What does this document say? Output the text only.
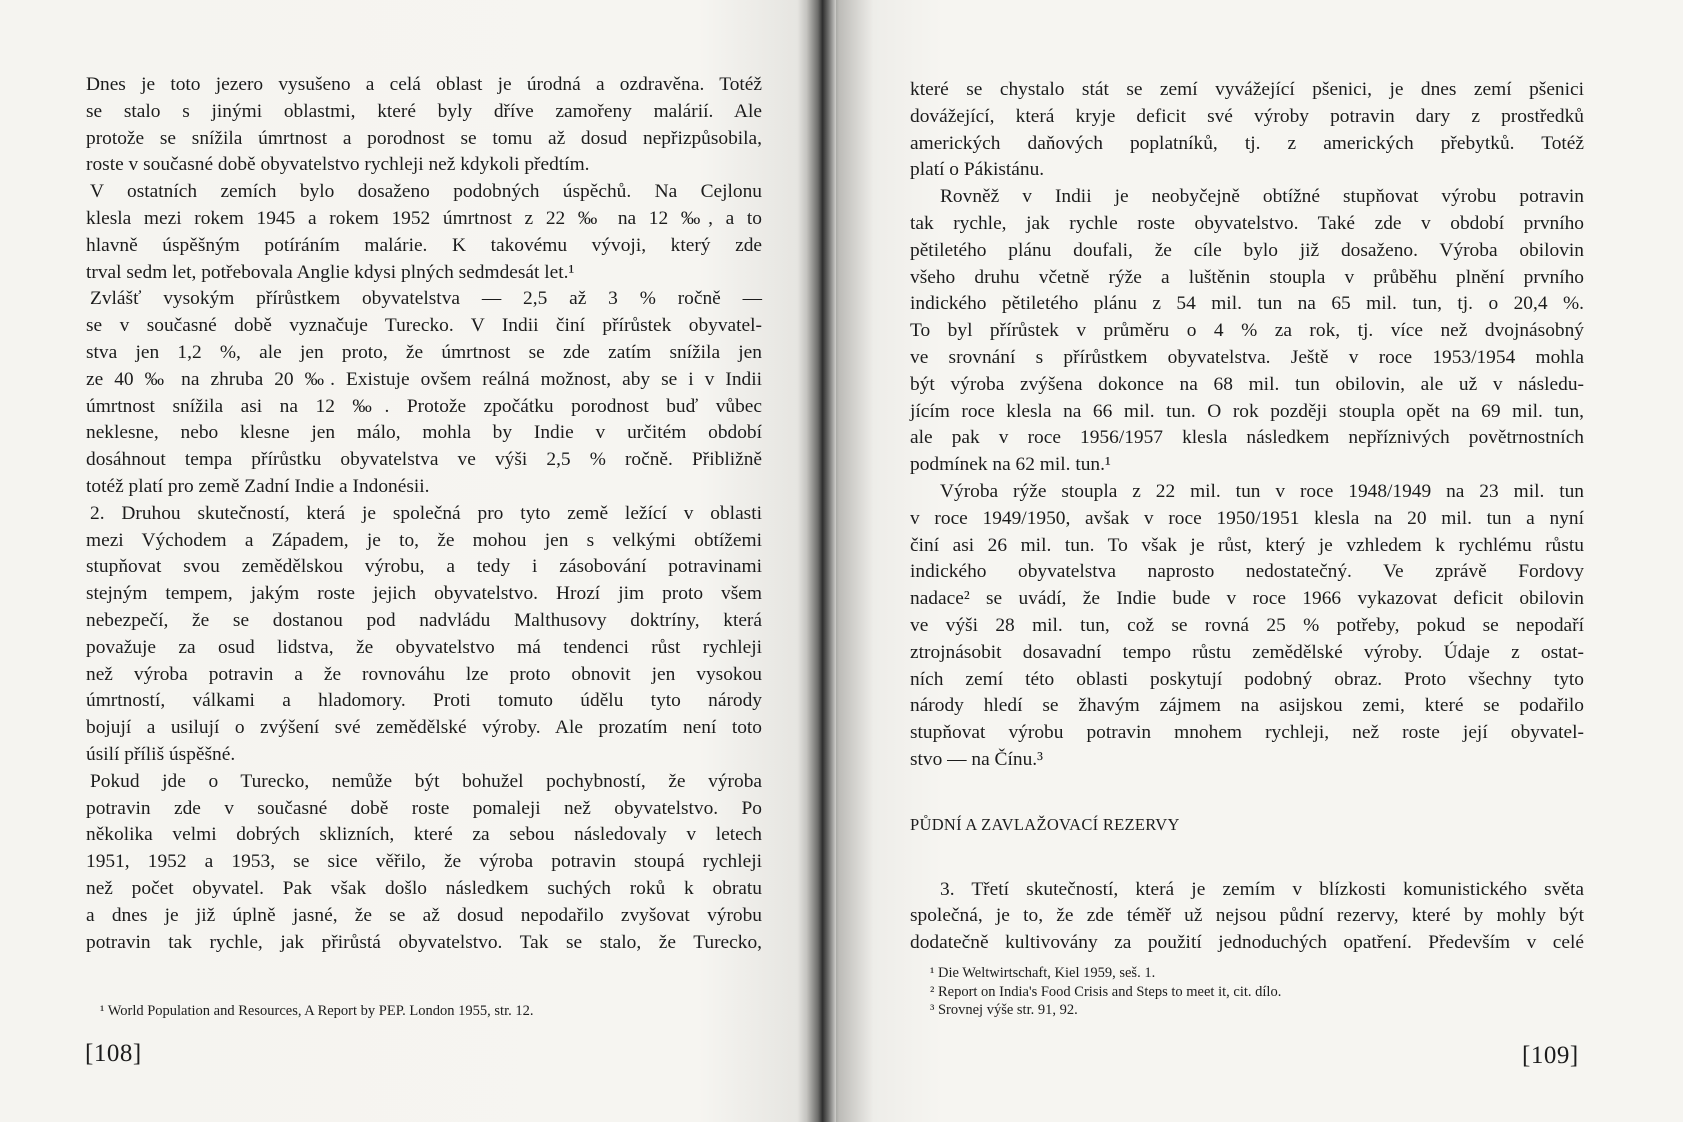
Dnes je toto jezero vysušeno a celá oblast je úrodná a ozdravěna. Totéž
se stalo s jinými oblastmi, které byly dříve zamořeny malárií. Ale
protože se snížila úmrtnost a porodnost se tomu až dosud nepřizpůsobila,
roste v současné době obyvatelstvo rychleji než kdykoli předtím.
V ostatních zemích bylo dosaženo podobných úspěchů. Na Cejlonu
klesla mezi rokem 1945 a rokem 1952 úmrtnost z 22 ‰ na 12 ‰, a to
hlavně úspěšným potíráním malárie. K takovému vývoji, který zde
trval sedm let, potřebovala Anglie kdysi plných sedmdesát let.¹
Zvlášť vysokým přírůstkem obyvatelstva — 2,5 až 3 % ročně —
se v současné době vyznačuje Turecko. V Indii činí přírůstek obyvatel-
stva jen 1,2 %, ale jen proto, že úmrtnost se zde zatím snížila jen
ze 40 ‰ na zhruba 20 ‰. Existuje ovšem reálná možnost, aby se i v Indii
úmrtnost snížila asi na 12 ‰. Protože zpočátku porodnost buď vůbec
neklesne, nebo klesne jen málo, mohla by Indie v určitém období
dosáhnout tempa přírůstku obyvatelstva ve výši 2,5 % ročně. Přibližně
totéž platí pro země Zadní Indie a Indonésii.
2. Druhou skutečností, která je společná pro tyto země ležící v oblasti
mezi Východem a Západem, je to, že mohou jen s velkými obtížemi
stupňovat svou zemědělskou výrobu, a tedy i zásobování potravinami
stejným tempem, jakým roste jejich obyvatelstvo. Hrozí jim proto všem
nebezpečí, že se dostanou pod nadvládu Malthusovy doktríny, která
považuje za osud lidstva, že obyvatelstvo má tendenci růst rychleji
než výroba potravin a že rovnováhu lze proto obnovit jen vysokou
úmrtností, válkami a hladomory. Proti tomuto údělu tyto národy
bojují a usilují o zvýšení své zemědělské výroby. Ale prozatím není toto
úsilí příliš úspěšné.
Pokud jde o Turecko, nemůže být bohužel pochybností, že výroba
potravin zde v současné době roste pomaleji než obyvatelstvo. Po
několika velmi dobrých sklizních, které za sebou následovaly v letech
1951, 1952 a 1953, se sice věřilo, že výroba potravin stoupá rychleji
než počet obyvatel. Pak však došlo následkem suchých roků k obratu
a dnes je již úplně jasné, že se až dosud nepodařilo zvyšovat výrobu
potravin tak rychle, jak přirůstá obyvatelstvo. Tak se stalo, že Turecko,
¹ World Population and Resources, A Report by PEP. London 1955, str. 12.
[108]
které se chystalo stát se zemí vyvážející pšenici, je dnes zemí pšenici
dovážející, která kryje deficit své výroby potravin dary z prostředků
amerických daňových poplatníků, tj. z amerických přebytků. Totéž
platí o Pákistánu.
Rovněž v Indii je neobyčejně obtížné stupňovat výrobu potravin
tak rychle, jak rychle roste obyvatelstvo. Také zde v období prvního
pětiletého plánu doufali, že cíle bylo již dosaženo. Výroba obilovin
všeho druhu včetně rýže a luštěnin stoupla v průběhu plnění prvního
indického pětiletého plánu z 54 mil. tun na 65 mil. tun, tj. o 20,4 %.
To byl přírůstek v průměru o 4 % za rok, tj. více než dvojnásobný
ve srovnání s přírůstkem obyvatelstva. Ještě v roce 1953/1954 mohla
být výroba zvýšena dokonce na 68 mil. tun obilovin, ale už v následu-
jícím roce klesla na 66 mil. tun. O rok později stoupla opět na 69 mil. tun,
ale pak v roce 1956/1957 klesla následkem nepříznivých povětrnostních
podmínek na 62 mil. tun.¹
Výroba rýže stoupla z 22 mil. tun v roce 1948/1949 na 23 mil. tun
v roce 1949/1950, avšak v roce 1950/1951 klesla na 20 mil. tun a nyní
činí asi 26 mil. tun. To však je růst, který je vzhledem k rychlému růstu
indického obyvatelstva naprosto nedostatečný. Ve zprávě Fordovy
nadace² se uvádí, že Indie bude v roce 1966 vykazovat deficit obilovin
ve výši 28 mil. tun, což se rovná 25 % potřeby, pokud se nepodaří
ztrojnásobit dosavadní tempo růstu zemědělské výroby. Údaje z ostat-
ních zemí této oblasti poskytují podobný obraz. Proto všechny tyto
národy hledí se žhavým zájmem na asijskou zemi, které se podařilo
stupňovat výrobu potravin mnohem rychleji, než roste její obyvatel-
stvo — na Čínu.³
PŮDNÍ A ZAVLAŽOVACÍ REZERVY
3. Třetí skutečností, která je zemím v blízkosti komunistického světa
společná, je to, že zde téměř už nejsou půdní rezervy, které by mohly být
dodatečně kultivovány za použití jednoduchých opatření. Především v celé
¹ Die Weltwirtschaft, Kiel 1959, seš. 1.
² Report on India's Food Crisis and Steps to meet it, cit. dílo.
³ Srovnej výše str. 91, 92.
[109]
